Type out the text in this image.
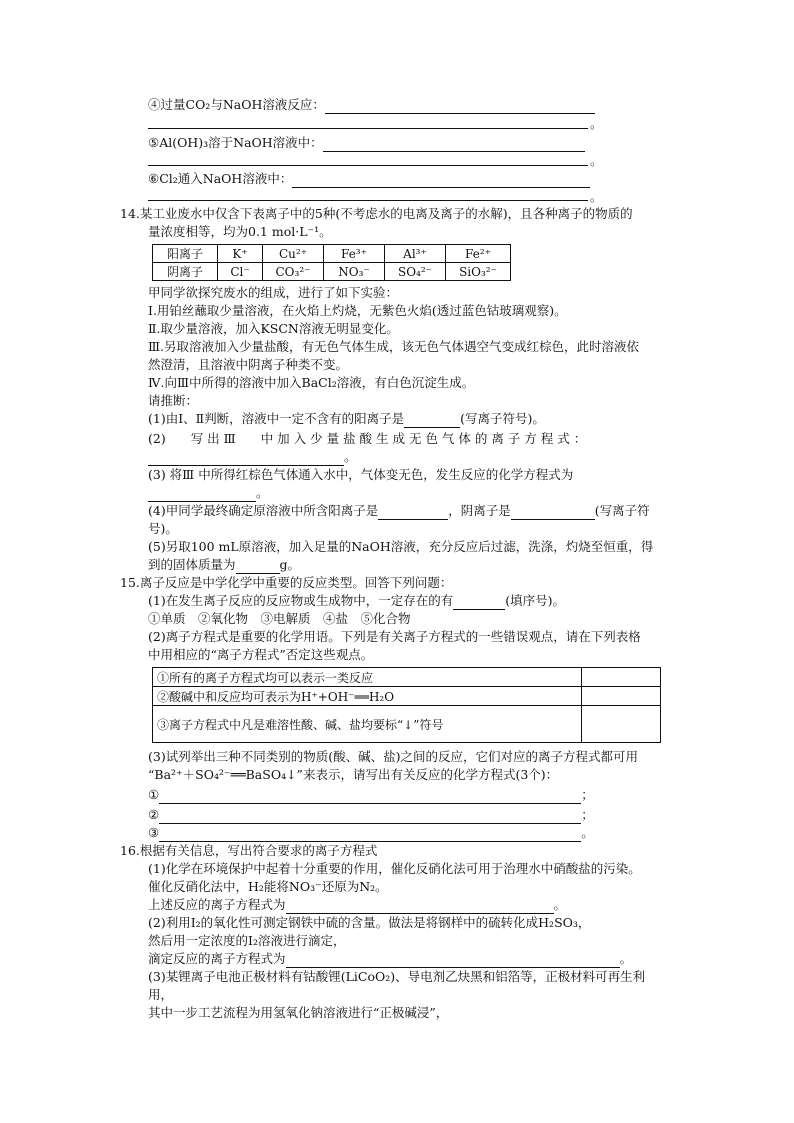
④过量CO₂与NaOH溶液反应：
。
⑤Al(OH)₃溶于NaOH溶液中：
。
⑥Cl₂通入NaOH溶液中：
。
14.某工业废水中仅含下表离子中的5种(不考虑水的电离及离子的水解)，且各种离子的物质的
量浓度相等，均为0.1 mol·L⁻¹。
阳离子	K⁺	Cu²⁺	Fe³⁺	Al³⁺	Fe²⁺
阴离子	Cl⁻	CO₃²⁻	NO₃⁻	SO₄²⁻	SiO₃²⁻
甲同学欲探究废水的组成，进行了如下实验：
Ⅰ.用铂丝蘸取少量溶液，在火焰上灼烧，无紫色火焰(透过蓝色钴玻璃观察)。
Ⅱ.取少量溶液，加入KSCN溶液无明显变化。
Ⅲ.另取溶液加入少量盐酸，有无色气体生成，该无色气体遇空气变成红棕色，此时溶液依
然澄清，且溶液中阴离子种类不变。
Ⅳ.向Ⅲ中所得的溶液中加入BaCl₂溶液，有白色沉淀生成。
请推断：
(1)由Ⅰ、Ⅱ判断，溶液中一定不含有的阳离子是	(写离子符号)。
(2)　　写 出 Ⅲ　　中 加 入 少 量 盐 酸 生 成 无 色 气 体 的 离 子 方 程 式 ：
。
(3) 将Ⅲ 中所得红棕色气体通入水中，气体变无色，发生反应的化学方程式为
。
(4)甲同学最终确定原溶液中所含阳离子是	，阴离子是	(写离子符
号)。
(5)另取100 mL原溶液，加入足量的NaOH溶液，充分反应后过滤，洗涤，灼烧至恒重，得
到的固体质量为	g。
15.离子反应是中学化学中重要的反应类型。回答下列问题：
(1)在发生离子反应的反应物或生成物中，一定存在的有	(填序号)。
①单质　②氧化物　③电解质　④盐　⑤化合物
(2)离子方程式是重要的化学用语。下列是有关离子方程式的一些错误观点，请在下列表格
中用相应的“离子方程式”否定这些观点。
①所有的离子方程式均可以表示一类反应	
②酸碱中和反应均可表示为H⁺+OH⁻══H₂O	
③离子方程式中凡是难溶性酸、碱、盐均要标“↓”符号	
(3)试列举出三种不同类别的物质(酸、碱、盐)之间的反应，它们对应的离子方程式都可用
“Ba²⁺＋SO₄²⁻══BaSO₄↓”来表示，请写出有关反应的化学方程式(3个)：
①	；
②	；
③	。
16.根据有关信息，写出符合要求的离子方程式
(1)化学在环境保护中起着十分重要的作用，催化反硝化法可用于治理水中硝酸盐的污染。
催化反硝化法中，H₂能将NO₃⁻还原为N₂。
上述反应的离子方程式为	。
(2)利用I₂的氧化性可测定钢铁中硫的含量。做法是将钢样中的硫转化成H₂SO₃，
然后用一定浓度的I₂溶液进行滴定，
滴定反应的离子方程式为	。
(3)某锂离子电池正极材料有钴酸锂(LiCoO₂)、导电剂乙炔黑和铝箔等，正极材料可再生利
用，
其中一步工艺流程为用氢氧化钠溶液进行“正极碱浸”，
